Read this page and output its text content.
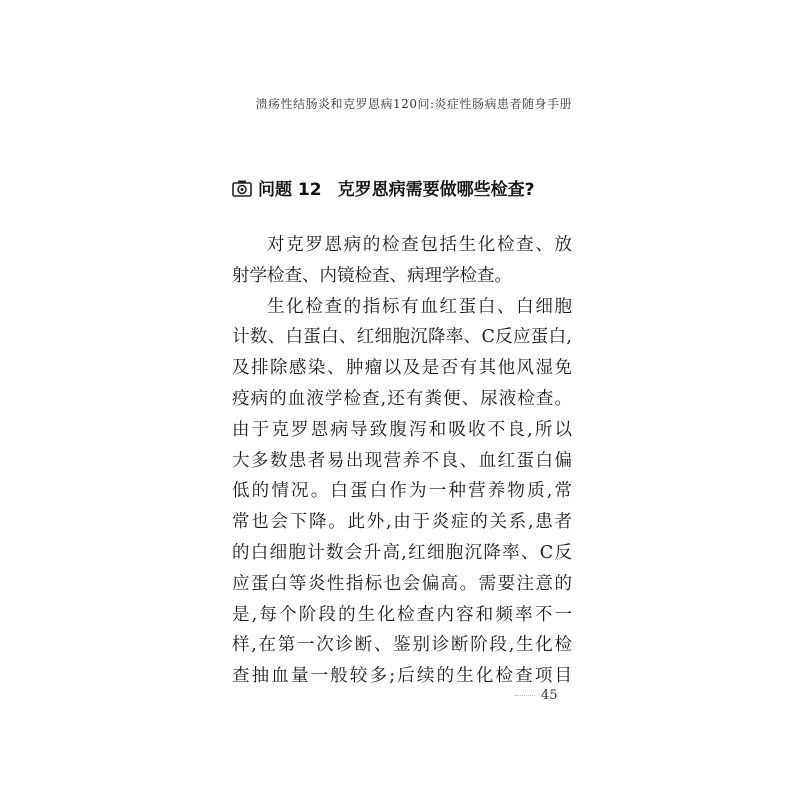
溃疡性结肠炎和克罗恩病120问:炎症性肠病患者随身手册
问题 12 克罗恩病需要做哪些检查?
对克罗恩病的检查包括生化检查、放
射学检查、内镜检查、病理学检查。
生化检查的指标有血红蛋白、白细胞
计数、白蛋白、红细胞沉降率、C反应蛋白,
及排除感染、肿瘤以及是否有其他风湿免
疫病的血液学检查,还有粪便、尿液检查。
由于克罗恩病导致腹泻和吸收不良,所以
大多数患者易出现营养不良、血红蛋白偏
低的情况。白蛋白作为一种营养物质,常
常也会下降。此外,由于炎症的关系,患者
的白细胞计数会升高,红细胞沉降率、C反
应蛋白等炎性指标也会偏高。需要注意的
是,每个阶段的生化检查内容和频率不一
样,在第一次诊断、鉴别诊断阶段,生化检
查抽血量一般较多;后续的生化检查项目
45
